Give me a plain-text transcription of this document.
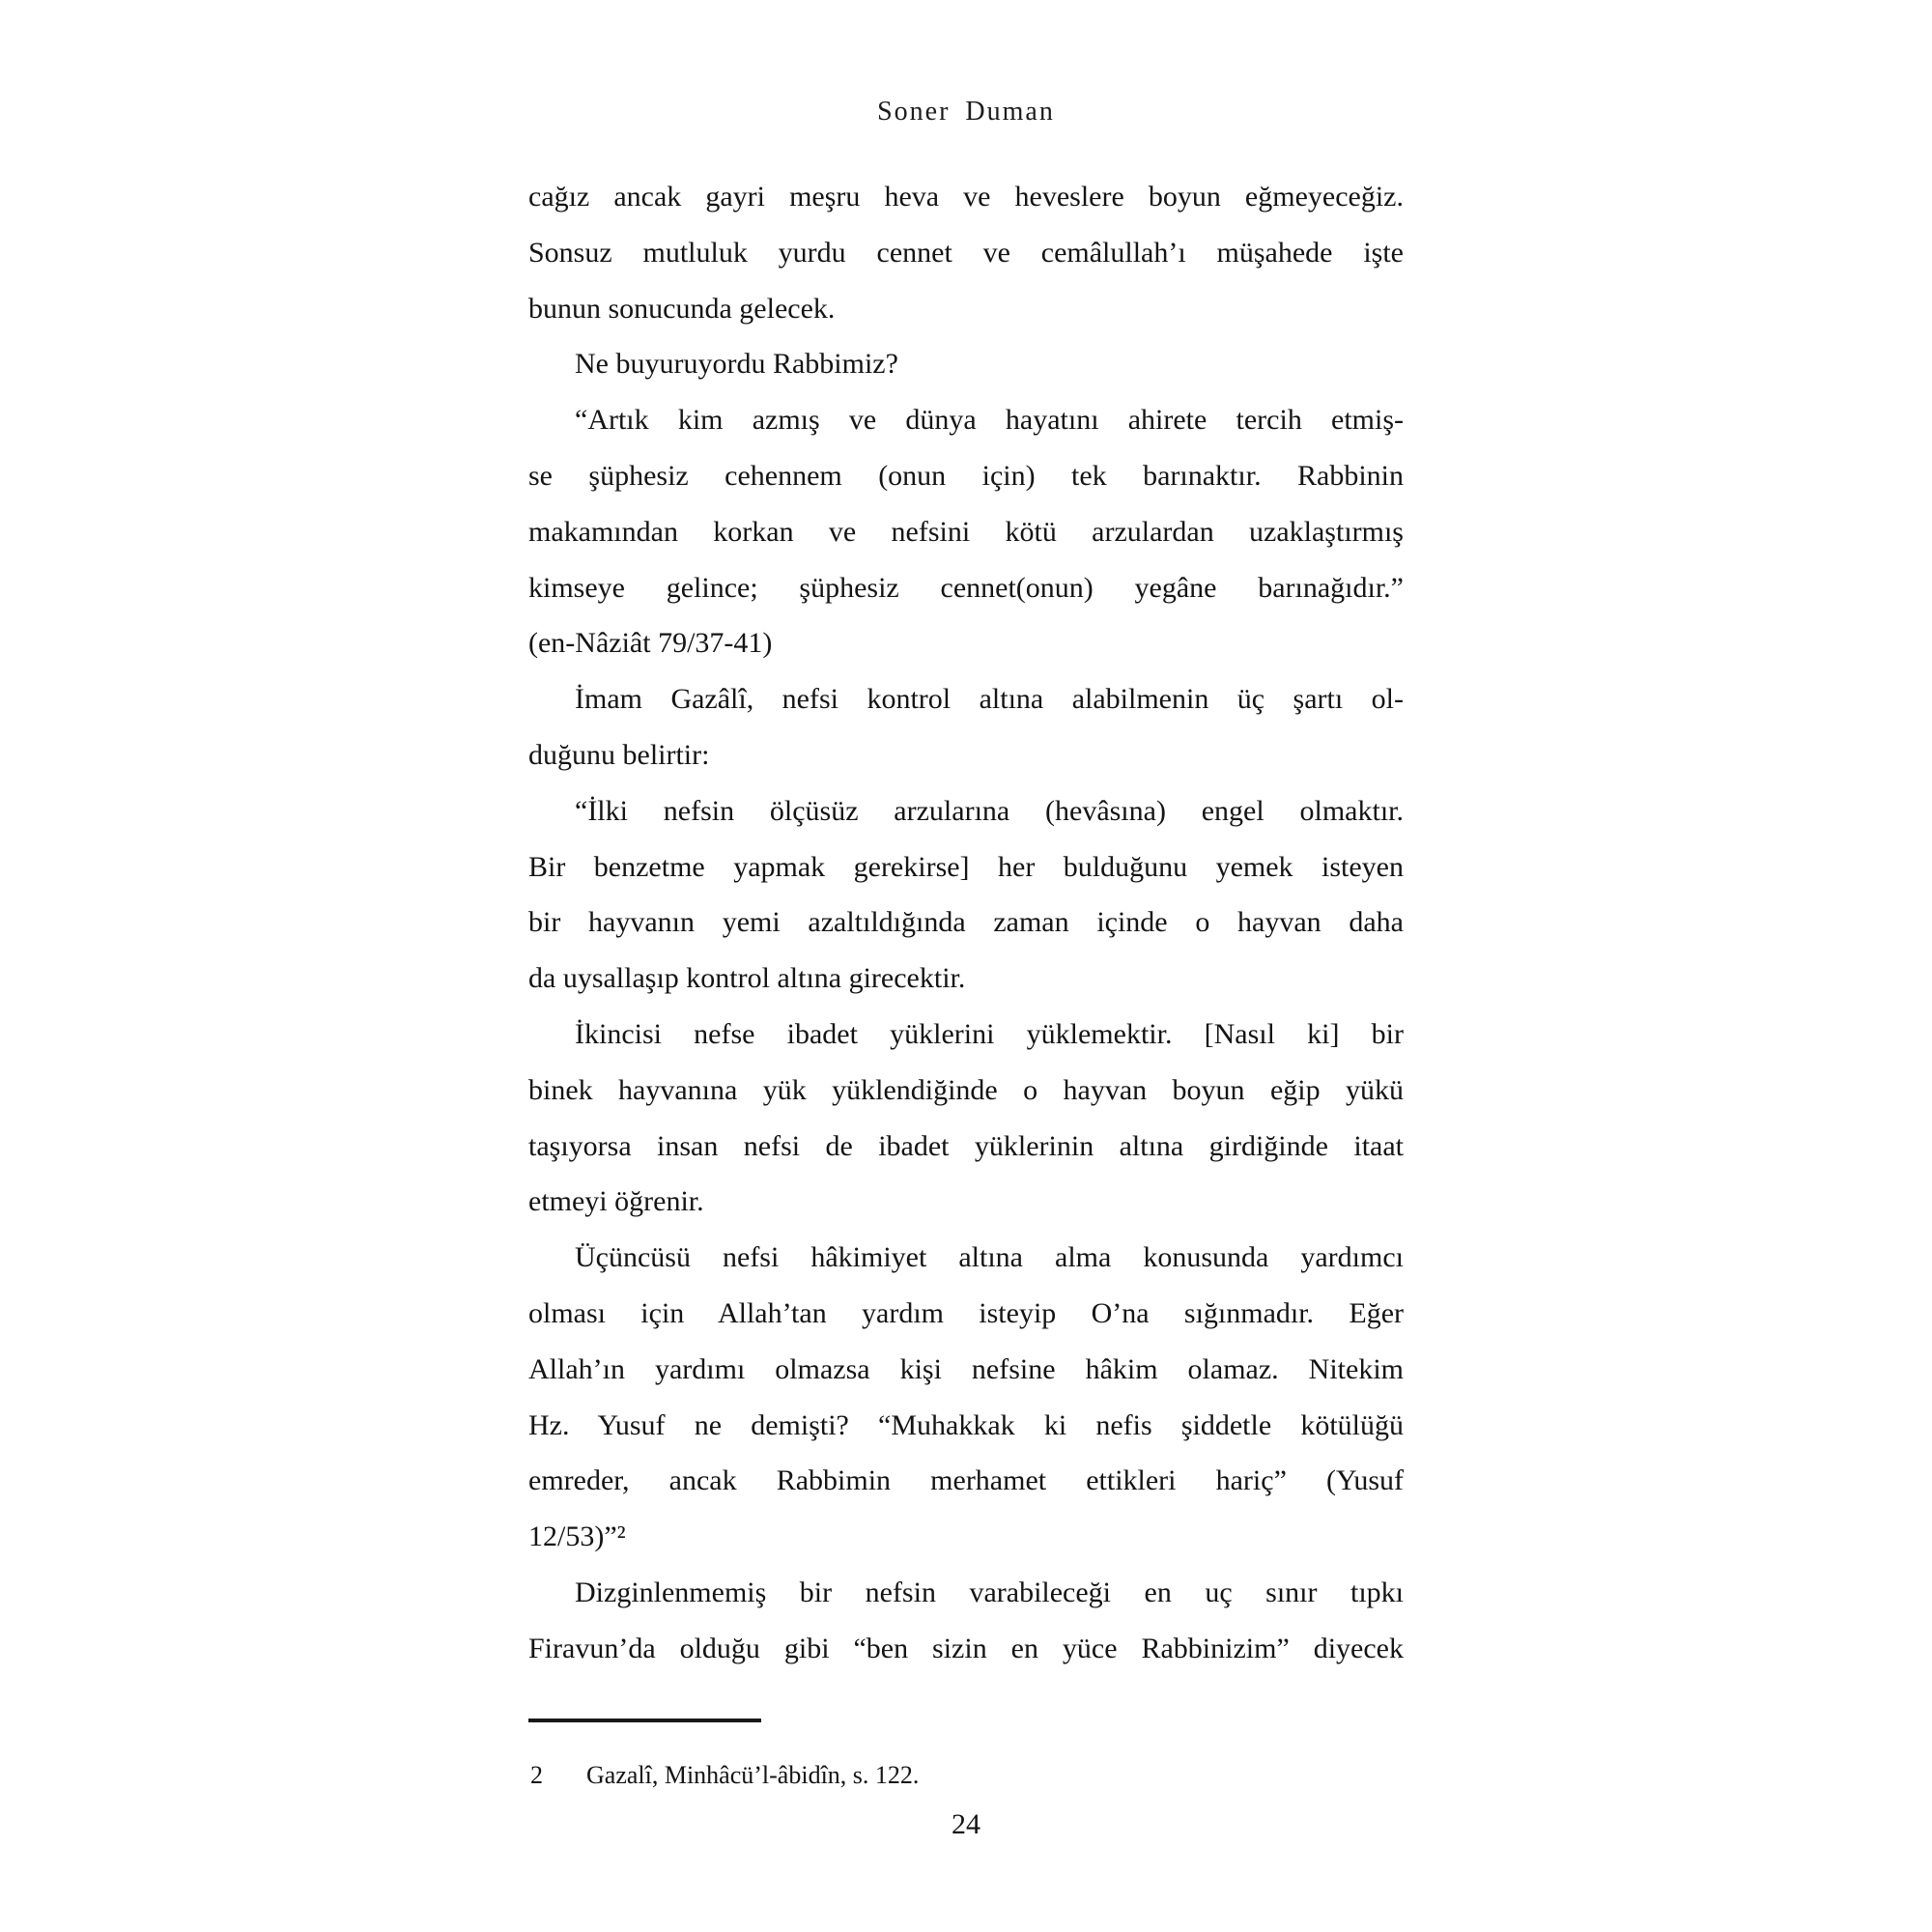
Soner Duman
cağız ancak gayri meşru heva ve heveslere boyun eğmeyeceğiz.
Sonsuz mutluluk yurdu cennet ve cemâlullah’ı müşahede işte
bunun sonucunda gelecek.
Ne buyuruyordu Rabbimiz?
“Artık kim azmış ve dünya hayatını ahirete tercih etmiş-
se şüphesiz cehennem (onun için) tek barınaktır. Rabbinin
makamından korkan ve nefsini kötü arzulardan uzaklaştırmış
kimseye gelince; şüphesiz cennet(onun) yegâne barınağıdır.”
(en-Nâziât 79/37-41)
İmam Gazâlî, nefsi kontrol altına alabilmenin üç şartı ol-
duğunu belirtir:
“İlki nefsin ölçüsüz arzularına (hevâsına) engel olmaktır.
Bir benzetme yapmak gerekirse] her bulduğunu yemek isteyen
bir hayvanın yemi azaltıldığında zaman içinde o hayvan daha
da uysallaşıp kontrol altına girecektir.
İkincisi nefse ibadet yüklerini yüklemektir. [Nasıl ki] bir
binek hayvanına yük yüklendiğinde o hayvan boyun eğip yükü
taşıyorsa insan nefsi de ibadet yüklerinin altına girdiğinde itaat
etmeyi öğrenir.
Üçüncüsü nefsi hâkimiyet altına alma konusunda yardımcı
olması için Allah’tan yardım isteyip O’na sığınmadır. Eğer
Allah’ın yardımı olmazsa kişi nefsine hâkim olamaz. Nitekim
Hz. Yusuf ne demişti? “Muhakkak ki nefis şiddetle kötülüğü
emreder, ancak Rabbimin merhamet ettikleri hariç” (Yusuf
12/53)”²
Dizginlenmemiş bir nefsin varabileceği en uç sınır tıpkı
Firavun’da olduğu gibi “ben sizin en yüce Rabbinizim” diyecek
2	Gazalî, Minhâcü’l-âbidîn, s. 122.
24
